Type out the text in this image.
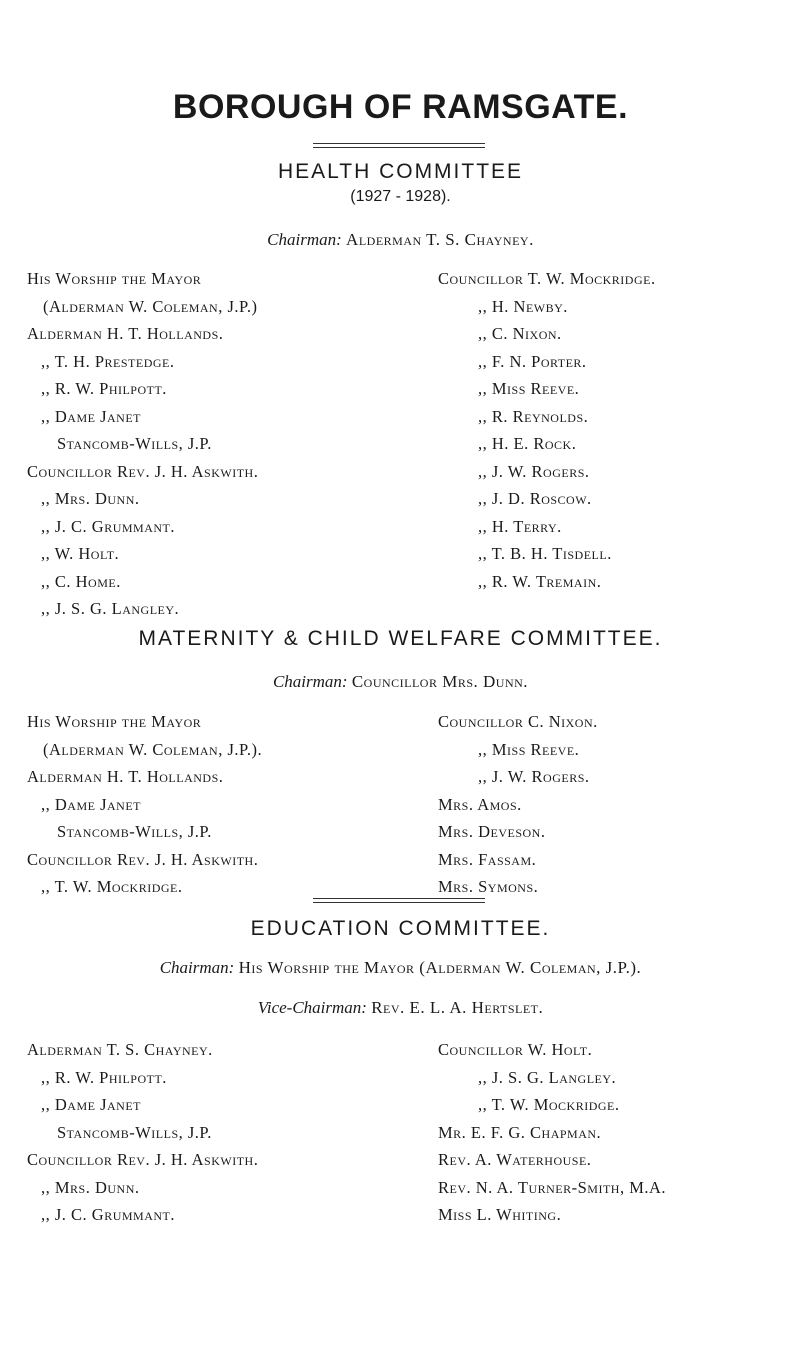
BOROUGH OF RAMSGATE.
HEALTH COMMITTEE
(1927 - 1928).
Chairman: Alderman T. S. Chayney.
His Worship the Mayor
(Alderman W. Coleman, J.P.)
Alderman H. T. Hollands.
,, T. H. Prestedge.
,, R. W. Philpott.
,, Dame Janet
Stancomb-Wills, J.P.
Councillor Rev. J. H. Askwith.
,, Mrs. Dunn.
,, J. C. Grummant.
,, W. Holt.
,, C. Home.
,, J. S. G. Langley.
Councillor T. W. Mockridge.
,, H. Newby.
,, C. Nixon.
,, F. N. Porter.
,, Miss Reeve.
,, R. Reynolds.
,, H. E. Rock.
,, J. W. Rogers.
,, J. D. Roscow.
,, H. Terry.
,, T. B. H. Tisdell.
,, R. W. Tremain.
MATERNITY & CHILD WELFARE COMMITTEE.
Chairman: Councillor Mrs. Dunn.
His Worship the Mayor
(Alderman W. Coleman, J.P.).
Alderman H. T. Hollands.
,, Dame Janet
Stancomb-Wills, J.P.
Councillor Rev. J. H. Askwith.
,, T. W. Mockridge.
Councillor C. Nixon.
,, Miss Reeve.
,, J. W. Rogers.
Mrs. Amos.
Mrs. Deveson.
Mrs. Fassam.
Mrs. Symons.
EDUCATION COMMITTEE.
Chairman: His Worship the Mayor (Alderman W. Coleman, J.P.).
Vice-Chairman: Rev. E. L. A. Hertslet.
Alderman T. S. Chayney.
,, R. W. Philpott.
,, Dame Janet
Stancomb-Wills, J.P.
Councillor Rev. J. H. Askwith.
,, Mrs. Dunn.
,, J. C. Grummant.
Councillor W. Holt.
,, J. S. G. Langley.
,, T. W. Mockridge.
Mr. E. F. G. Chapman.
Rev. A. Waterhouse.
Rev. N. A. Turner-Smith, M.A.
Miss L. Whiting.
